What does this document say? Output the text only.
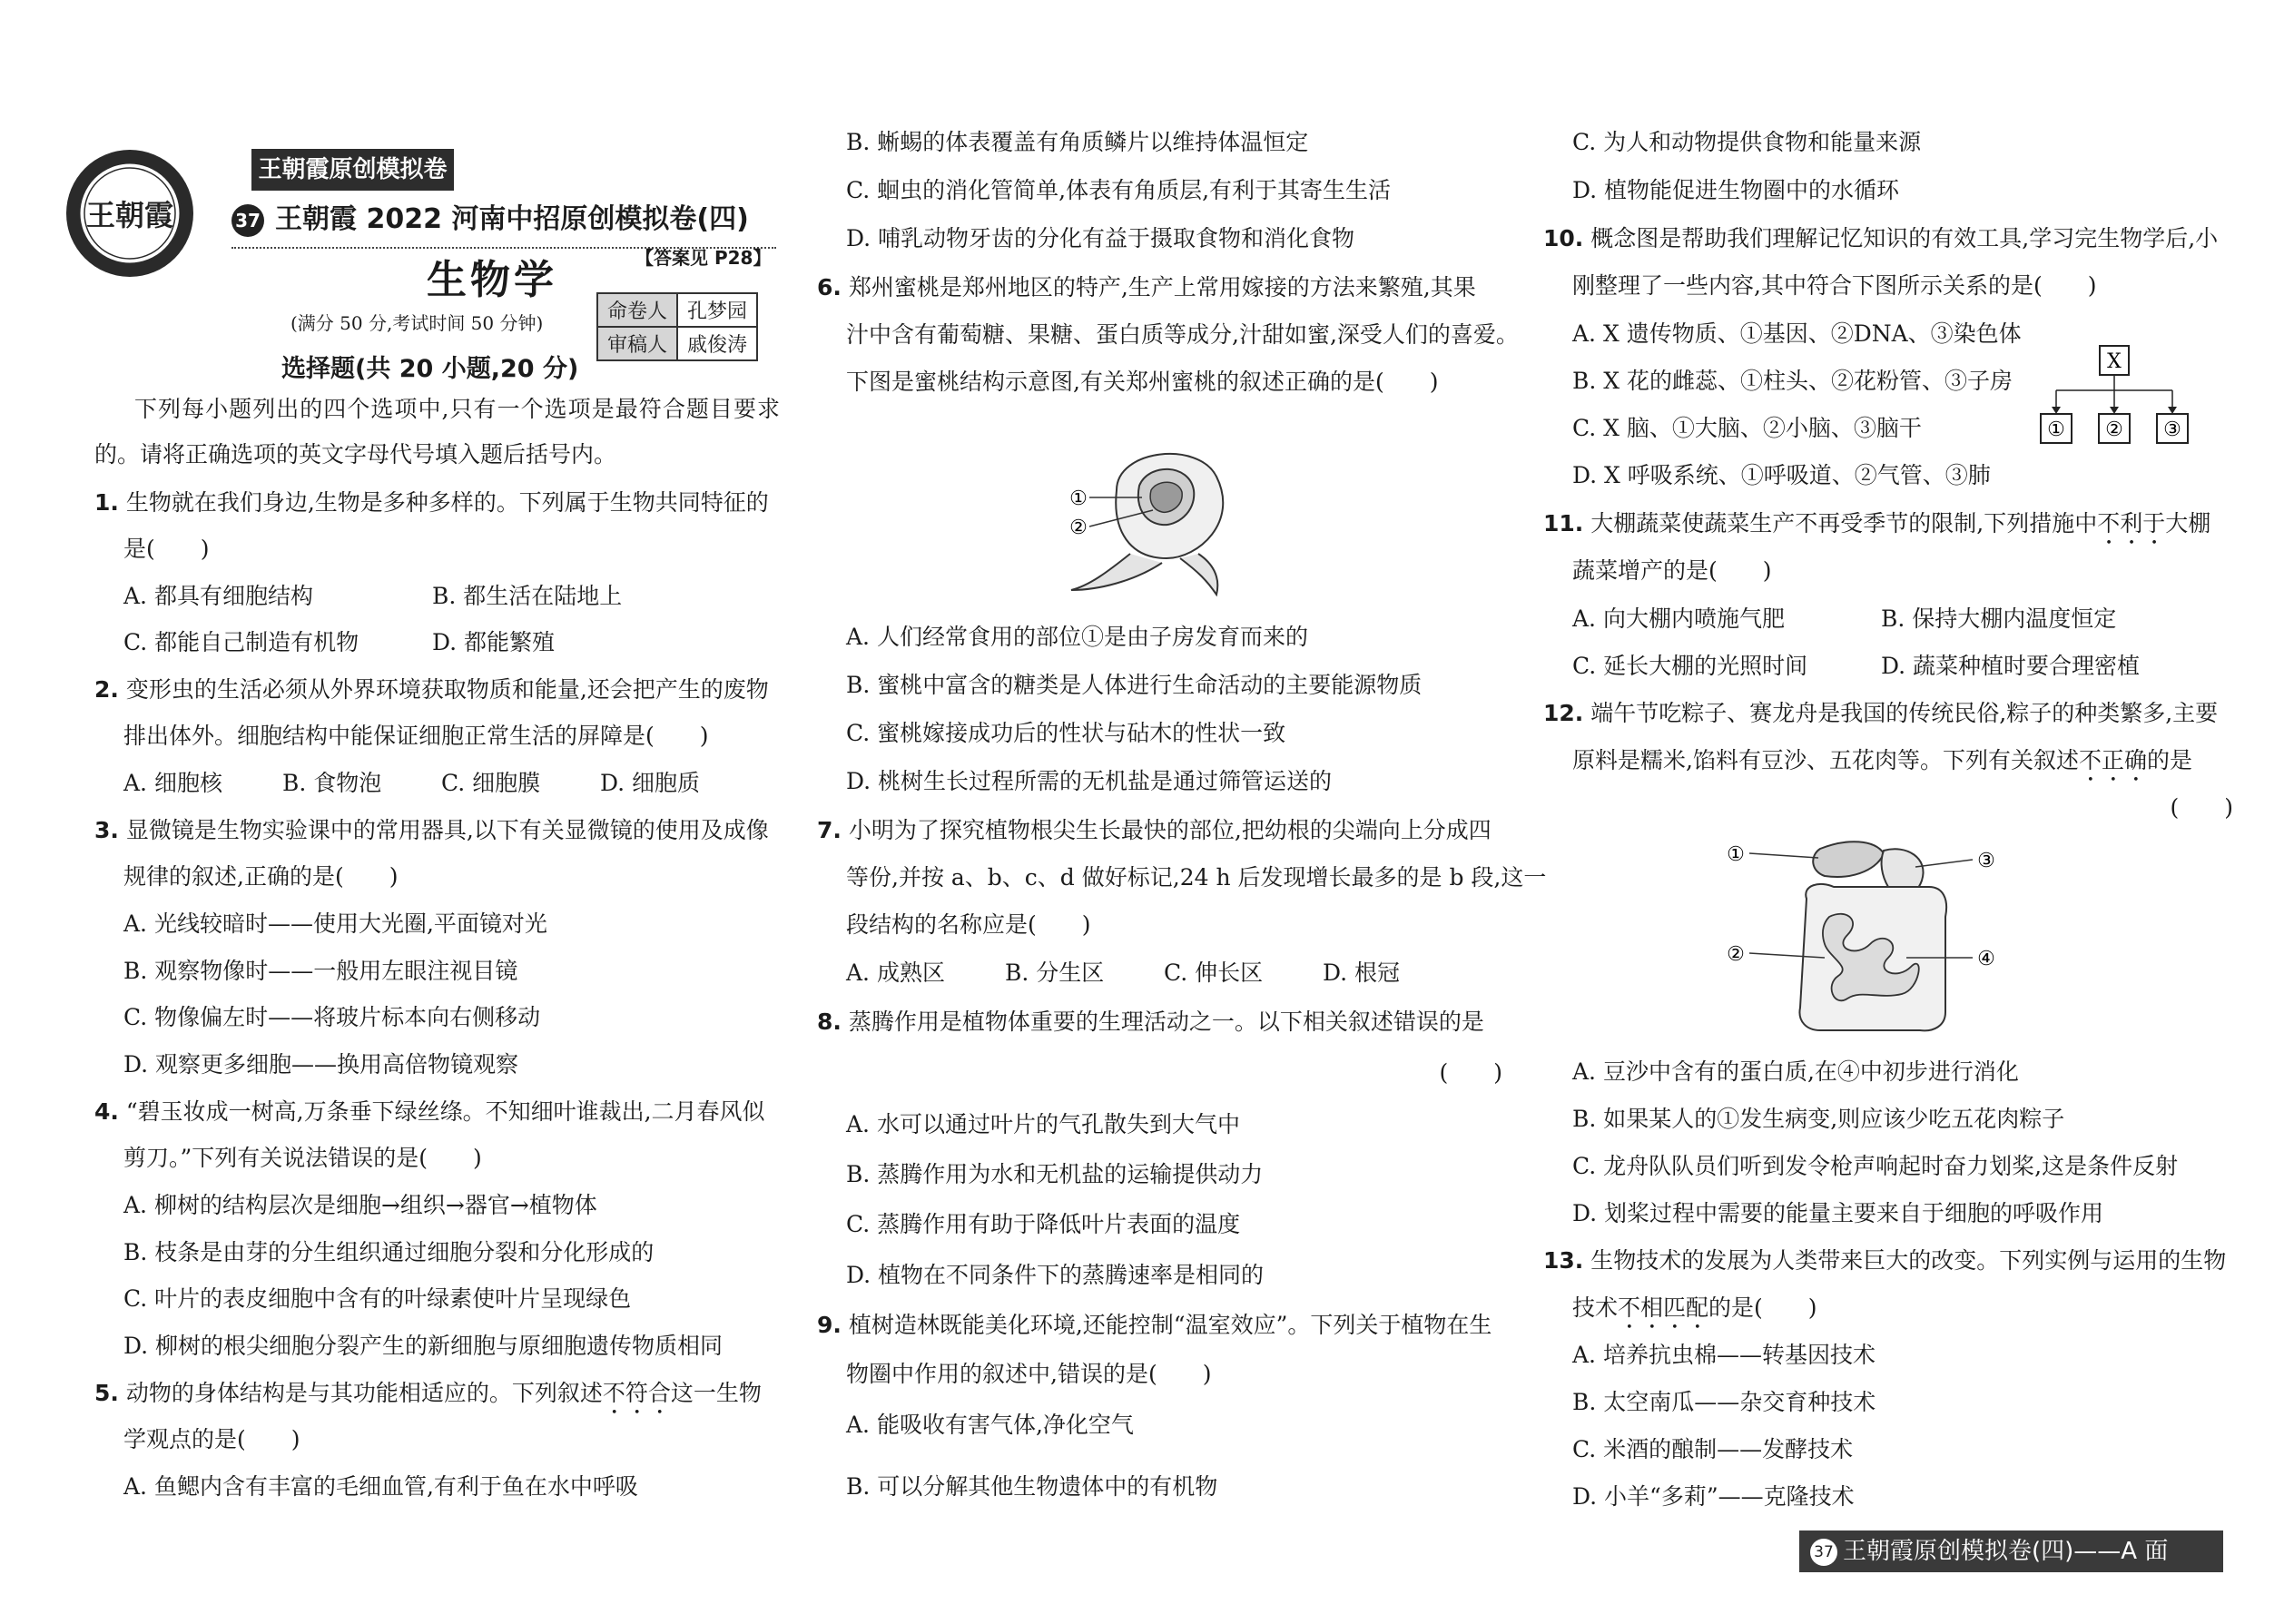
王朝霞
王朝霞原创模拟卷
37 王朝霞 2022 河南中招原创模拟卷(四)
生物学	【答案见 P28】
命卷人	孔梦园
审稿人	戚俊涛
(满分 50 分,考试时间 50 分钟)
选择题(共 20 小题,20 分)
下列每小题列出的四个选项中,只有一个选项是最符合题目要求
的。请将正确选项的英文字母代号填入题后括号内。
1. 生物就在我们身边,生物是多种多样的。下列属于生物共同特征的
是(　　)
A. 都具有细胞结构	B. 都生活在陆地上
C. 都能自己制造有机物	D. 都能繁殖
2. 变形虫的生活必须从外界环境获取物质和能量,还会把产生的废物
排出体外。细胞结构中能保证细胞正常生活的屏障是(　　)
A. 细胞核	B. 食物泡	C. 细胞膜	D. 细胞质
3. 显微镜是生物实验课中的常用器具,以下有关显微镜的使用及成像
规律的叙述,正确的是(　　)
A. 光线较暗时——使用大光圈,平面镜对光
B. 观察物像时——一般用左眼注视目镜
C. 物像偏左时——将玻片标本向右侧移动
D. 观察更多细胞——换用高倍物镜观察
4. “碧玉妆成一树高,万条垂下绿丝绦。不知细叶谁裁出,二月春风似
剪刀。”下列有关说法错误的是(　　)
A. 柳树的结构层次是细胞→组织→器官→植物体
B. 枝条是由芽的分生组织通过细胞分裂和分化形成的
C. 叶片的表皮细胞中含有的叶绿素使叶片呈现绿色
D. 柳树的根尖细胞分裂产生的新细胞与原细胞遗传物质相同
5. 动物的身体结构是与其功能相适应的。下列叙述不符合这一生物
学观点的是(　　)
A. 鱼鳃内含有丰富的毛细血管,有利于鱼在水中呼吸
B. 蜥蜴的体表覆盖有角质鳞片以维持体温恒定
C. 蛔虫的消化管简单,体表有角质层,有利于其寄生生活
D. 哺乳动物牙齿的分化有益于摄取食物和消化食物
6. 郑州蜜桃是郑州地区的特产,生产上常用嫁接的方法来繁殖,其果
汁中含有葡萄糖、果糖、蛋白质等成分,汁甜如蜜,深受人们的喜爱。
下图是蜜桃结构示意图,有关郑州蜜桃的叙述正确的是(　　)
①
②
A. 人们经常食用的部位①是由子房发育而来的
B. 蜜桃中富含的糖类是人体进行生命活动的主要能源物质
C. 蜜桃嫁接成功后的性状与砧木的性状一致
D. 桃树生长过程所需的无机盐是通过筛管运送的
7. 小明为了探究植物根尖生长最快的部位,把幼根的尖端向上分成四
等份,并按 a、b、c、d 做好标记,24 h 后发现增长最多的是 b 段,这一
段结构的名称应是(　　)
A. 成熟区	B. 分生区	C. 伸长区	D. 根冠
8. 蒸腾作用是植物体重要的生理活动之一。以下相关叙述错误的是
(　　)
A. 水可以通过叶片的气孔散失到大气中
B. 蒸腾作用为水和无机盐的运输提供动力
C. 蒸腾作用有助于降低叶片表面的温度
D. 植物在不同条件下的蒸腾速率是相同的
9. 植树造林既能美化环境,还能控制“温室效应”。下列关于植物在生
物圈中作用的叙述中,错误的是(　　)
A. 能吸收有害气体,净化空气
B. 可以分解其他生物遗体中的有机物
C. 为人和动物提供食物和能量来源
D. 植物能促进生物圈中的水循环
10. 概念图是帮助我们理解记忆知识的有效工具,学习完生物学后,小
刚整理了一些内容,其中符合下图所示关系的是(　　)
A. X 遗传物质、①基因、②DNA、③染色体
B. X 花的雌蕊、①柱头、②花粉管、③子房
C. X 脑、①大脑、②小脑、③脑干
D. X 呼吸系统、①呼吸道、②气管、③肺
X
① ② ③
11. 大棚蔬菜使蔬菜生产不再受季节的限制,下列措施中不利于大棚
蔬菜增产的是(　　)
A. 向大棚内喷施气肥	B. 保持大棚内温度恒定
C. 延长大棚的光照时间	D. 蔬菜种植时要合理密植
12. 端午节吃粽子、赛龙舟是我国的传统民俗,粽子的种类繁多,主要
原料是糯米,馅料有豆沙、五花肉等。下列有关叙述不正确的是
(　　)
①
②
③
④
A. 豆沙中含有的蛋白质,在④中初步进行消化
B. 如果某人的①发生病变,则应该少吃五花肉粽子
C. 龙舟队队员们听到发令枪声响起时奋力划桨,这是条件反射
D. 划桨过程中需要的能量主要来自于细胞的呼吸作用
13. 生物技术的发展为人类带来巨大的改变。下列实例与运用的生物
技术不相匹配的是(　　)
A. 培养抗虫棉——转基因技术
B. 太空南瓜——杂交育种技术
C. 米酒的酿制——发酵技术
D. 小羊“多莉”——克隆技术
37 王朝霞原创模拟卷(四)——A 面
